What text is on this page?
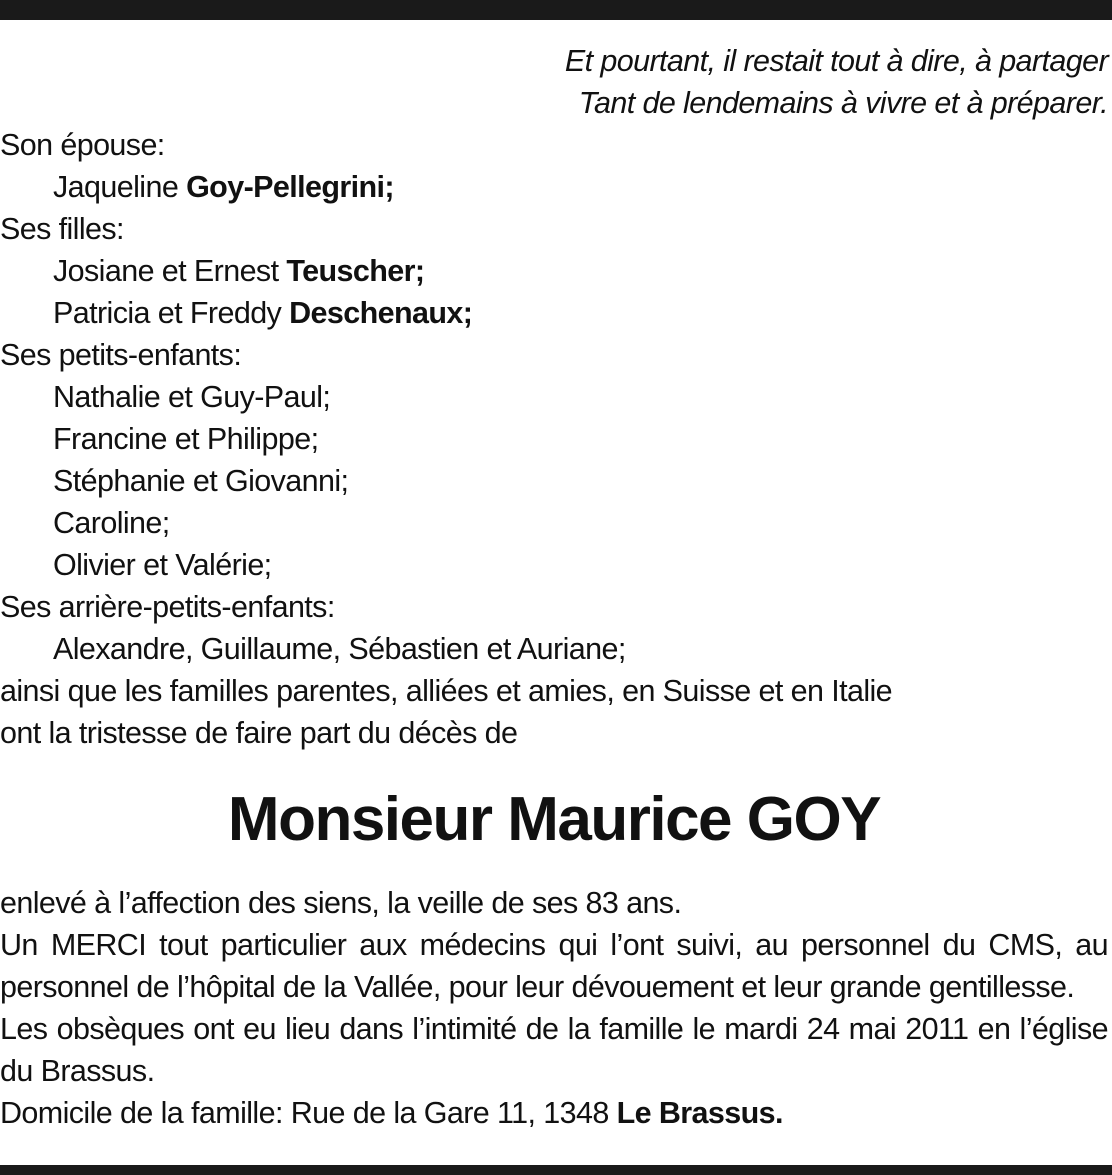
Et pourtant, il restait tout à dire, à partager
Tant de lendemains à vivre et à préparer.
Son épouse:
Jaqueline Goy-Pellegrini;
Ses filles:
Josiane et Ernest Teuscher;
Patricia et Freddy Deschenaux;
Ses petits-enfants:
Nathalie et Guy-Paul;
Francine et Philippe;
Stéphanie et Giovanni;
Caroline;
Olivier et Valérie;
Ses arrière-petits-enfants:
Alexandre, Guillaume, Sébastien et Auriane;
ainsi que les familles parentes, alliées et amies, en Suisse et en Italie
ont la tristesse de faire part du décès de
Monsieur Maurice GOY
enlevé à l’affection des siens, la veille de ses 83 ans.
Un MERCI tout particulier aux médecins qui l’ont suivi, au personnel du CMS, au personnel de l’hôpital de la Vallée, pour leur dévouement et leur grande gentillesse.
Les obsèques ont eu lieu dans l’intimité de la famille le mardi 24 mai 2011 en l’église du Brassus.
Domicile de la famille: Rue de la Gare 11, 1348 Le Brassus.
